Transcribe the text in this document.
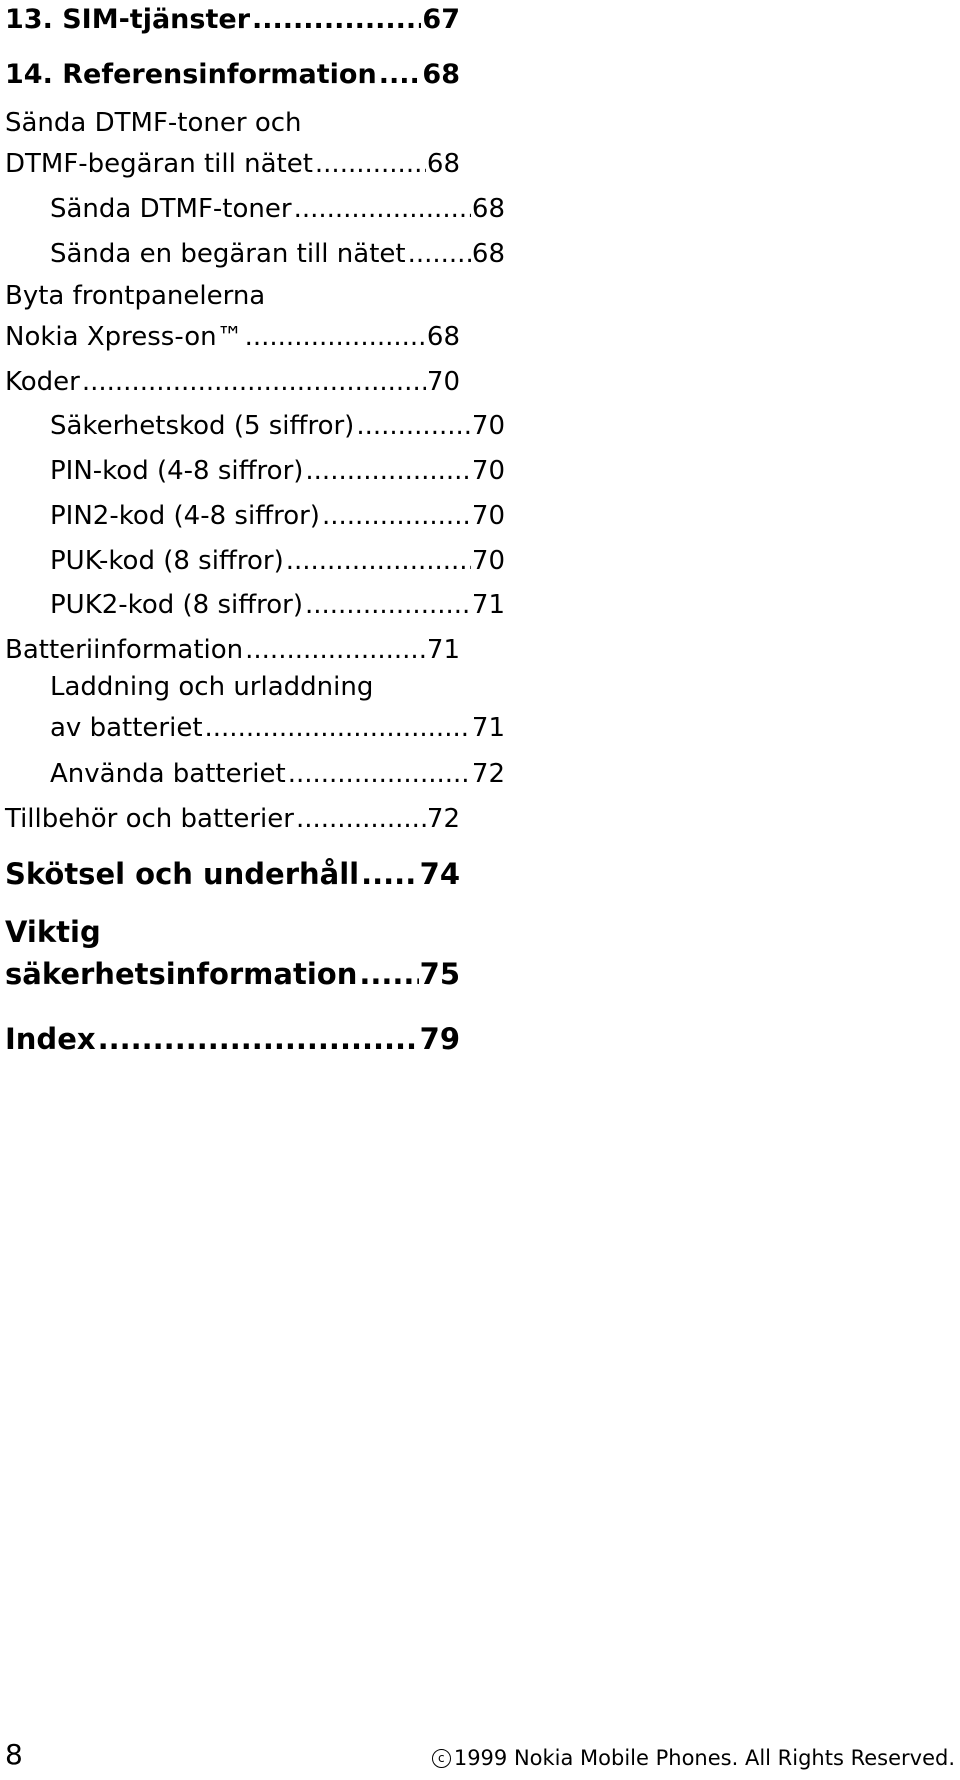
13. SIM-tjänster .....	67
14. Referensinformation ..... 68
Sända DTMF-toner och
DTMF-begäran till nätet .....	68
Sända DTMF-toner .....	68
Sända en begäran till nätet .....	68
Byta frontpanelerna
Nokia Xpress-on™ .....	68
Koder .....	70
Säkerhetskod (5 siffror) .....	70
PIN-kod (4-8 siffror) .....	70
PIN2-kod (4-8 siffror) .....	70
PUK-kod (8 siffror) .....	70
PUK2-kod (8 siffror) .....	71
Batteriinformation .....	71
Laddning och urladdning
av batteriet .....	71
Använda batteriet .....	72
Tillbehör och batterier .....	72
Skötsel och underhåll ..... 74
Viktig
säkerhetsinformation ..... 75
Index .....	79
8	c 1999 Nokia Mobile Phones. All Rights Reserved.
